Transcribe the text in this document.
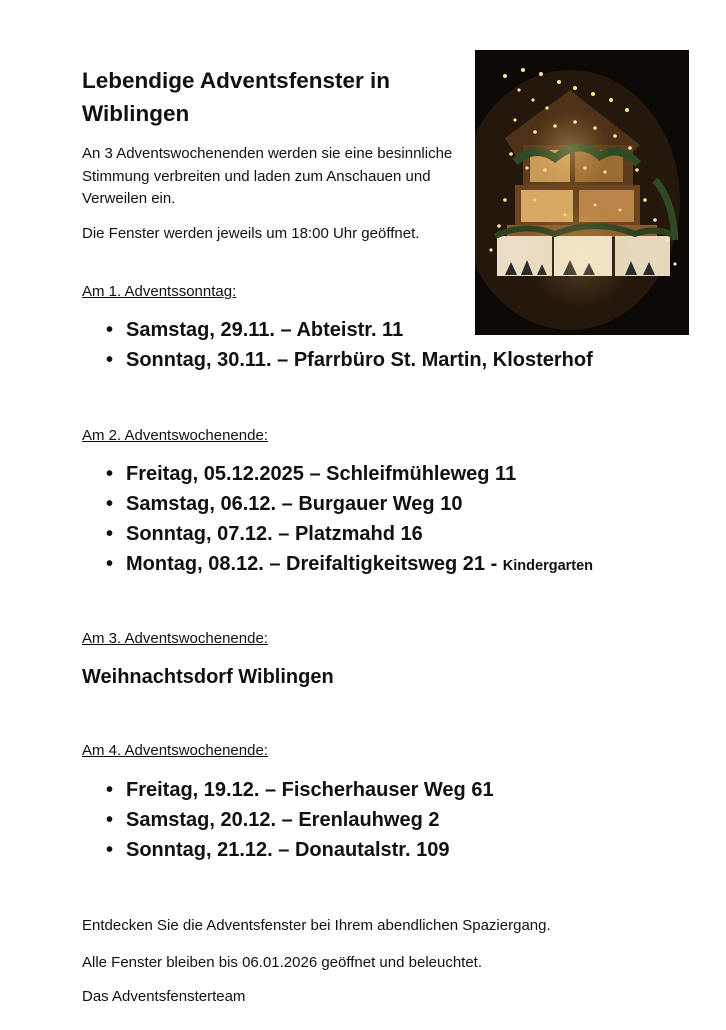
Lebendige Adventsfenster in Wiblingen

An 3 Adventswochenenden werden sie eine besinnliche Stimmung verbreiten und laden zum Anschauen und Verweilen ein.

Die Fenster werden jeweils um 18:00 Uhr geöffnet.

Am 1. Adventssonntag:

• Samstag, 29.11. – Abteistr. 11
• Sonntag, 30.11. – Pfarrbüro St. Martin, Klosterhof

Am 2. Adventswochenende:

• Freitag, 05.12.2025 – Schleifmühleweg 11
• Samstag, 06.12. – Burgauer Weg 10
• Sonntag, 07.12. – Platzmahd 16
• Montag, 08.12. – Dreifaltigkeitsweg 21 - Kindergarten

Am 3. Adventswochenende:

Weihnachtsdorf Wiblingen

Am 4. Adventswochenende:

• Freitag, 19.12. – Fischerhauser Weg 61
• Samstag, 20.12. – Erenlauhweg 2
• Sonntag, 21.12. – Donautalstr. 109

Entdecken Sie die Adventsfenster bei Ihrem abendlichen Spaziergang.

Alle Fenster bleiben bis 06.01.2026 geöffnet und beleuchtet.

Das Adventsfensterteam
